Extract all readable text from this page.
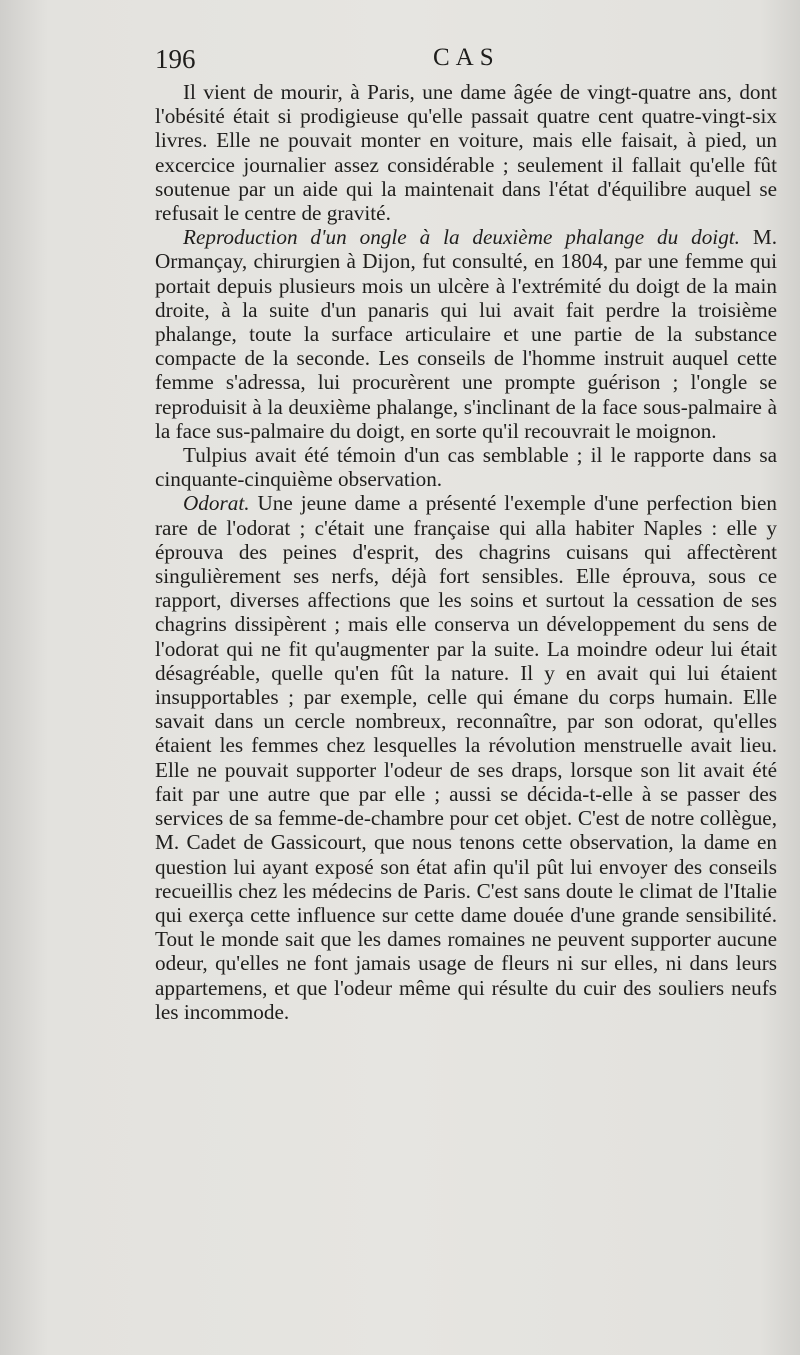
196	CAS

Il vient de mourir, à Paris, une dame âgée de vingt-quatre ans, dont l'obésité était si prodigieuse qu'elle passait quatre cent quatre-vingt-six livres. Elle ne pouvait monter en voiture, mais elle faisait, à pied, un excercice journalier assez considérable ; seulement il fallait qu'elle fût soutenue par un aide qui la maintenait dans l'état d'équilibre auquel se refusait le centre de gravité.

Reproduction d'un ongle à la deuxième phalange du doigt. M. Ormançay, chirurgien à Dijon, fut consulté, en 1804, par une femme qui portait depuis plusieurs mois un ulcère à l'extrémité du doigt de la main droite, à la suite d'un panaris qui lui avait fait perdre la troisième phalange, toute la surface articulaire et une partie de la substance compacte de la seconde. Les conseils de l'homme instruit auquel cette femme s'adressa, lui procurèrent une prompte guérison ; l'ongle se reproduisit à la deuxième phalange, s'inclinant de la face sous-palmaire à la face sus-palmaire du doigt, en sorte qu'il recouvrait le moignon.

Tulpius avait été témoin d'un cas semblable ; il le rapporte dans sa cinquante-cinquième observation.

Odorat. Une jeune dame a présenté l'exemple d'une perfection bien rare de l'odorat ; c'était une française qui alla habiter Naples : elle y éprouva des peines d'esprit, des chagrins cuisans qui affectèrent singulièrement ses nerfs, déjà fort sensibles. Elle éprouva, sous ce rapport, diverses affections que les soins et surtout la cessation de ses chagrins dissipèrent ; mais elle conserva un développement du sens de l'odorat qui ne fit qu'augmenter par la suite. La moindre odeur lui était désagréable, quelle qu'en fût la nature. Il y en avait qui lui étaient insupportables ; par exemple, celle qui émane du corps humain. Elle savait dans un cercle nombreux, reconnaître, par son odorat, qu'elles étaient les femmes chez lesquelles la révolution menstruelle avait lieu. Elle ne pouvait supporter l'odeur de ses draps, lorsque son lit avait été fait par une autre que par elle ; aussi se décida-t-elle à se passer des services de sa femme-de-chambre pour cet objet. C'est de notre collègue, M. Cadet de Gassicourt, que nous tenons cette observation, la dame en question lui ayant exposé son état afin qu'il pût lui envoyer des conseils recueillis chez les médecins de Paris. C'est sans doute le climat de l'Italie qui exerça cette influence sur cette dame douée d'une grande sensibilité. Tout le monde sait que les dames romaines ne peuvent supporter aucune odeur, qu'elles ne font jamais usage de fleurs ni sur elles, ni dans leurs appartemens, et que l'odeur même qui résulte du cuir des souliers neufs les incommode.
